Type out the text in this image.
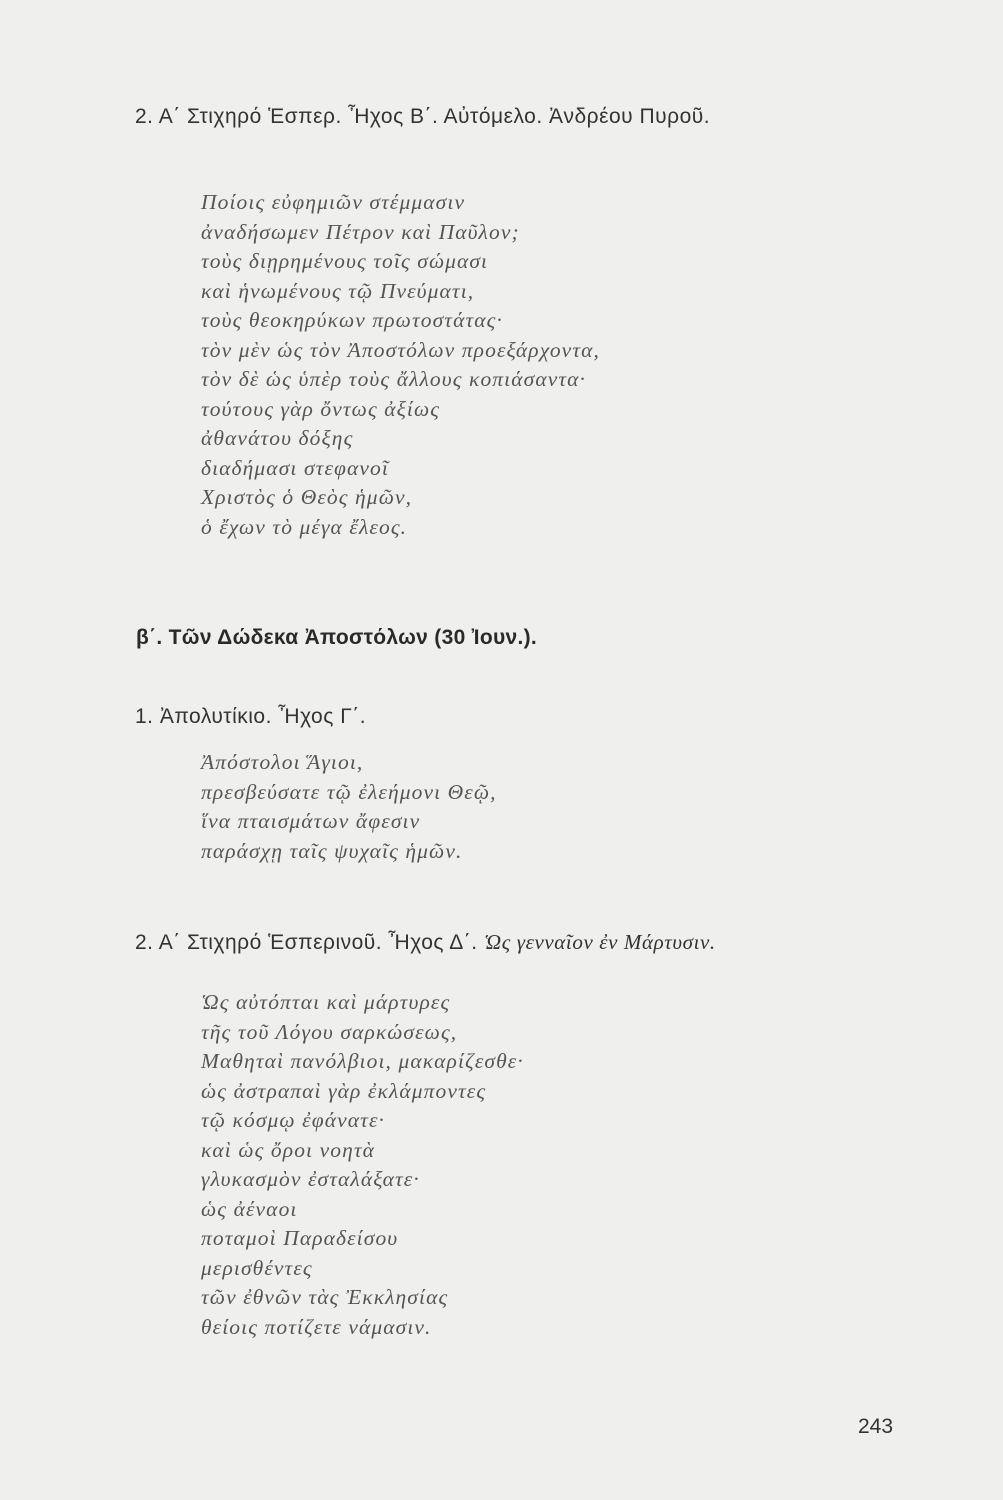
2. Α΄ Στιχηρό Ἑσπερ. Ἦχος Β΄. Αὐτόμελο. Ἀνδρέου Πυροῦ.
Ποίοις εὐφημιῶν στέμμασιν
ἀναδήσωμεν Πέτρον καὶ Παῦλον;
τοὺς διῃρημένους τοῖς σώμασι
καὶ ἡνωμένους τῷ Πνεύματι,
τοὺς θεοκηρύκων πρωτοστάτας·
τὸν μὲν ὡς τὸν Ἀποστόλων προεξάρχοντα,
τὸν δὲ ὡς ὑπὲρ τοὺς ἄλλους κοπιάσαντα·
τούτους γὰρ ὄντως ἀξίως
ἀθανάτου δόξης
διαδήμασι στεφανοῖ
Χριστὸς ὁ Θεὸς ἡμῶν,
ὁ ἔχων τὸ μέγα ἔλεος.
β΄. Τῶν Δώδεκα Ἀποστόλων (30 Ἰουν.).
1. Ἀπολυτίκιο. Ἦχος Γ΄.
Ἀπόστολοι Ἅγιοι,
πρεσβεύσατε τῷ ἐλεήμονι Θεῷ,
ἵνα πταισμάτων ἄφεσιν
παράσχῃ ταῖς ψυχαῖς ἡμῶν.
2. Α΄ Στιχηρό Ἑσπερινοῦ. Ἦχος Δ΄. Ὡς γενναῖον ἐν Μάρτυσιν.
Ὡς αὐτόπται καὶ μάρτυρες
τῆς τοῦ Λόγου σαρκώσεως,
Μαθηταὶ πανόλβιοι, μακαρίζεσθε·
ὡς ἀστραπαὶ γὰρ ἐκλάμποντες
τῷ κόσμῳ ἐφάνατε·
καὶ ὡς ὄροι νοητὰ
γλυκασμὸν ἐσταλάξατε·
ὡς ἀέναοι
ποταμοὶ Παραδείσου
μερισθέντες
τῶν ἐθνῶν τὰς Ἐκκλησίας
θείοις ποτίζετε νάμασιν.
243
